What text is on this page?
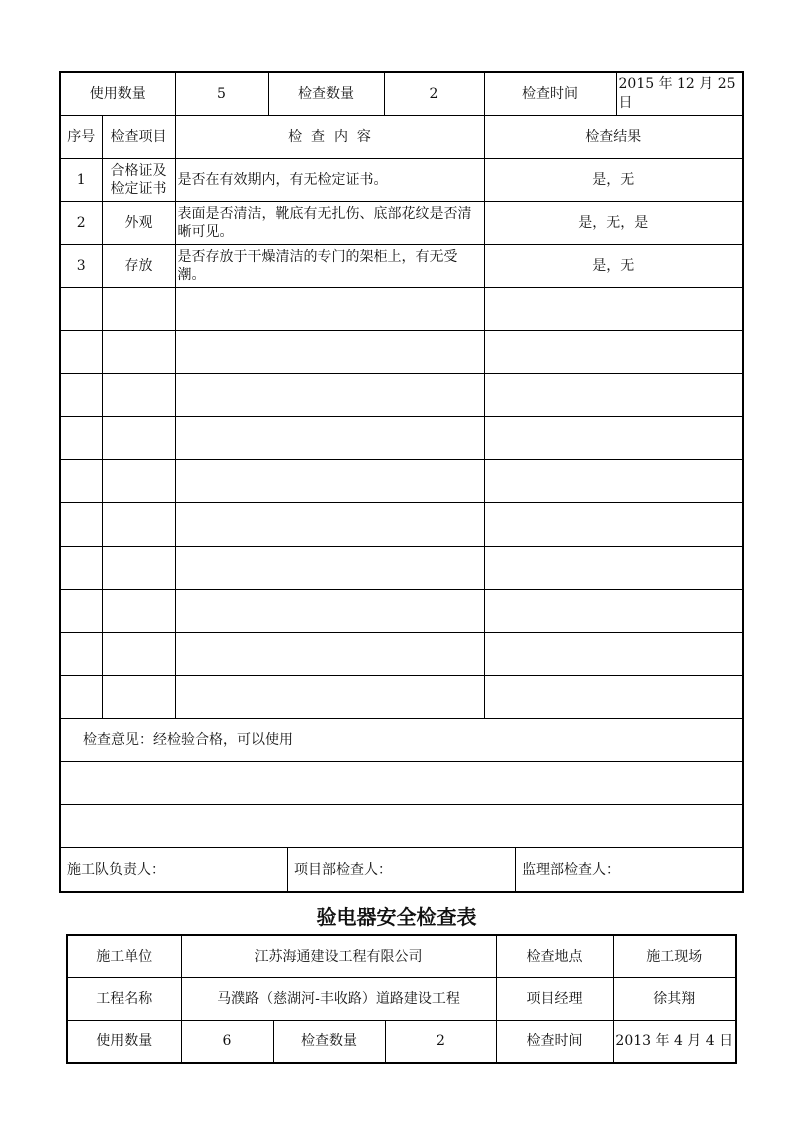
使用数量		5	检查数量	2	检查时间	2015 年 12 月 25 日
序号	检查项目	检  查  内  容			检查结果	
1	合格证及检定证书	是否在有效期内，有无检定证书。			是，无	
2	外观	表面是否清洁，靴底有无扎伤、底部花纹是否清晰可见。			是，无，是	
3	存放	是否存放于干燥清洁的专门的架柜上，有无受潮。			是，无	

检查意见：经检验合格，可以使用						

施工队负责人： 项目部检查人： 监理部检查人：						
验电器安全检查表
施工单位	江苏海通建设工程有限公司			检查地点	施工现场
工程名称	马濮路（慈湖河-丰收路）道路建设工程			项目经理	徐其翔
使用数量	6	检查数量	2	检查时间	2013 年 4 月 4 日
